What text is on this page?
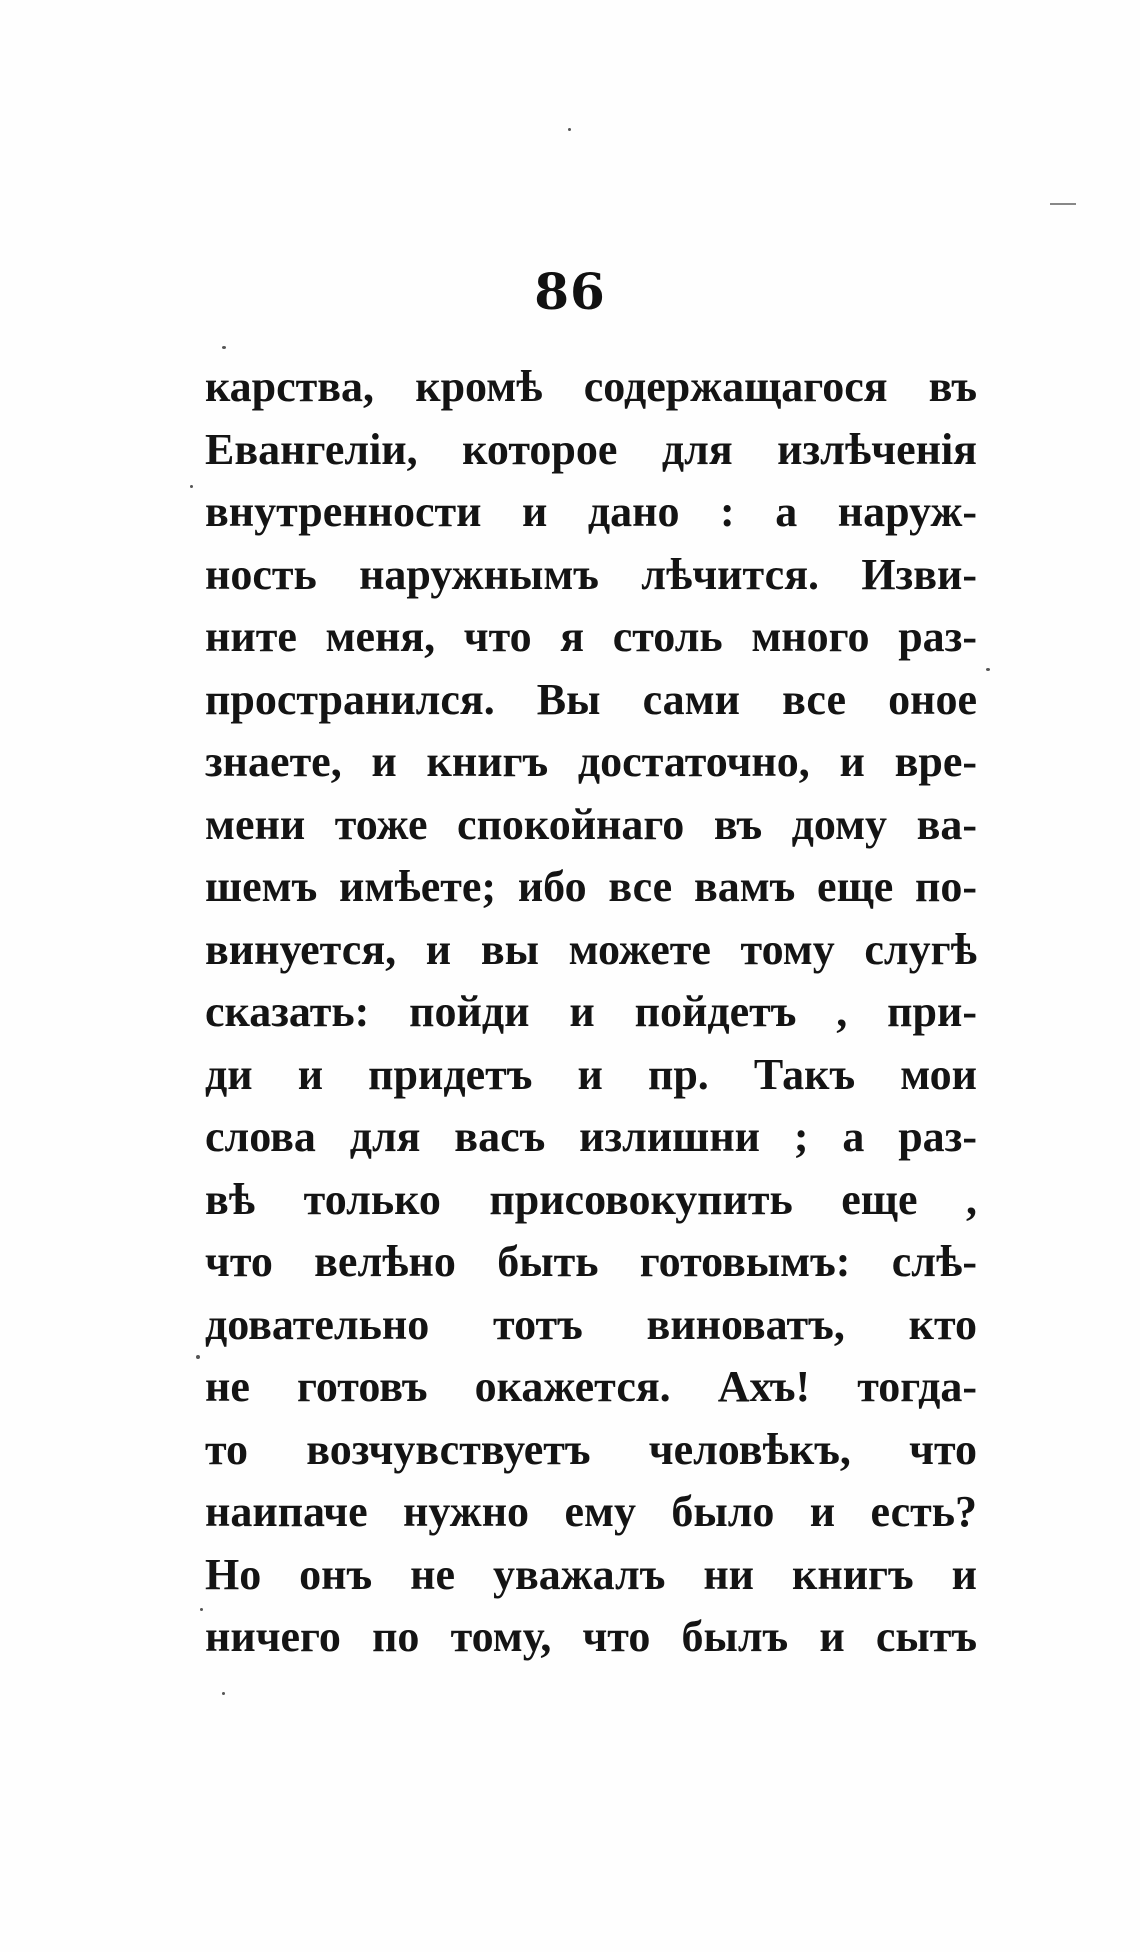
86
карства, кромѣ содержащагося въ
Евангелiи, которое для излѣченiя
внутренности и дано : а наруж-
ность наружнымъ лѣчится. Изви-
ните меня, что я столь много раз-
пространился. Вы сами все оное
знаете, и книгъ достаточно, и вре-
мени тоже спокойнаго въ дому ва-
шемъ имѣете; ибо все вамъ еще по-
винуется, и вы можете тому слугѣ
сказать: пойди и пойдетъ , при-
ди и придетъ и пр. Такъ мои
слова для васъ излишни ; а раз-
вѣ только присовокупить еще ,
что велѣно быть готовымъ: слѣ-
довательно тотъ виноватъ, кто
не готовъ окажется. Ахъ! тогда-
то возчувствуетъ человѣкъ, что
наипаче нужно ему было и есть?
Но онъ не уважалъ ни книгъ и
ничего по тому, что былъ и сытъ
